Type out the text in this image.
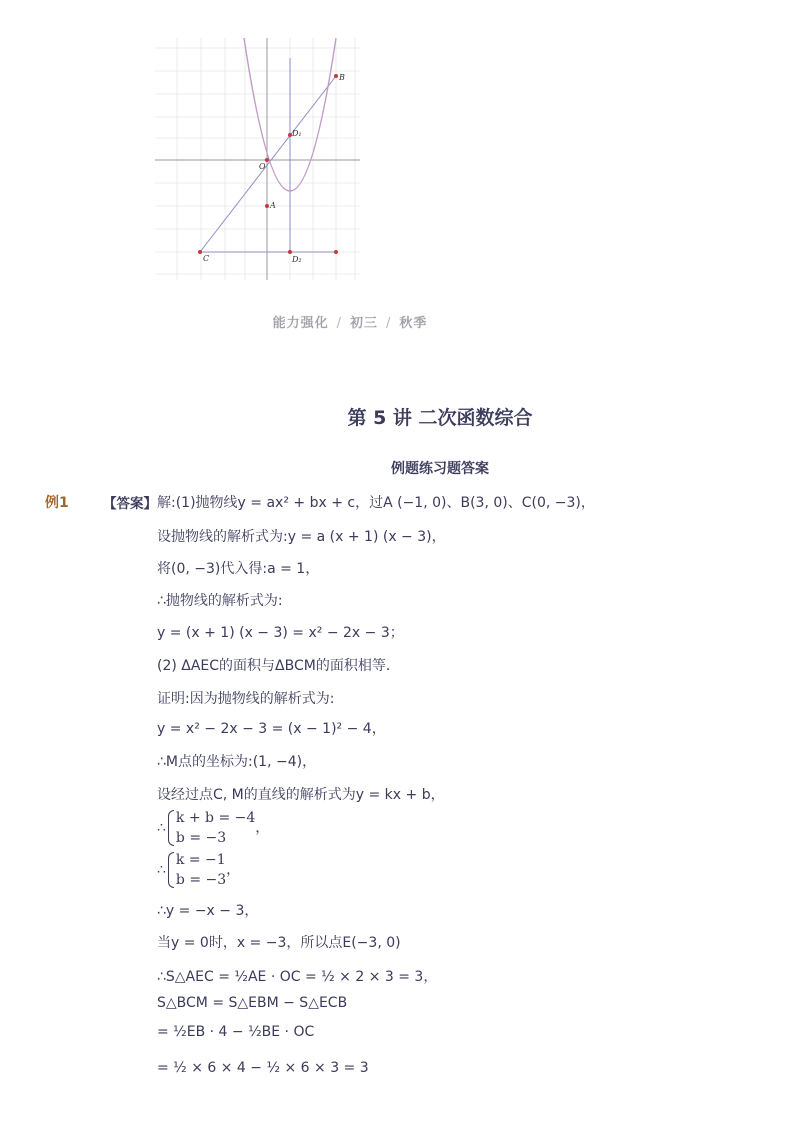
B
D₁
O
A
C	D₂
能力强化 / 初三 / 秋季
第 5 讲 二次函数综合
例题练习题答案
例1	【答案】 解:(1)抛物线y = ax² + bx + c，过A (−1, 0)、B(3, 0)、C(0, −3)，
设抛物线的解析式为:y = a (x + 1) (x − 3)，
将(0, −3)代入得:a = 1，
∴抛物线的解析式为:
y = (x + 1) (x − 3) = x² − 2x − 3；
(2) ΔAEC的面积与ΔBCM的面积相等．
证明:因为抛物线的解析式为:
y = x² − 2x − 3 = (x − 1)² − 4，
∴M点的坐标为:(1, −4)，
设经过点C, M的直线的解析式为y = kx + b，
∴
k + b = −4
b = −3
，
∴
k = −1
b = −3
，
∴y = −x − 3，
当y = 0时，x = −3，所以点E(−3, 0)
∴S△AEC = ½AE · OC = ½ × 2 × 3 = 3，
S△BCM = S△EBM − S△ECB
= ½EB · 4 − ½BE · OC
= ½ × 6 × 4 − ½ × 6 × 3 = 3
